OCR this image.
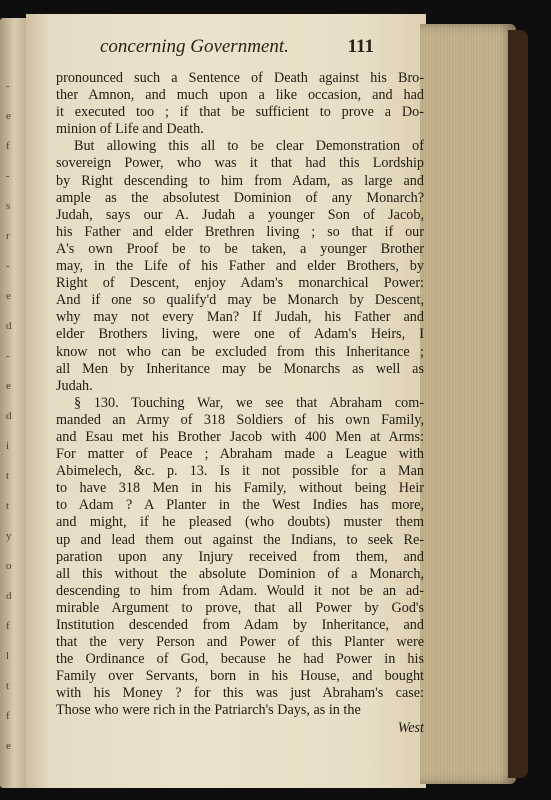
-
e
f
-
s
r
-
e
d
-
e
d
i
t
t
y
o
d
f
l
t
f
e
concerning Government.	111
pronounced such a Sentence of Death against his Bro-
ther Amnon, and much upon a like occasion, and had
it executed too ; if that be sufficient to prove a Do-
minion of Life and Death.
But allowing this all to be clear Demonstration of
sovereign Power, who was it that had this Lordship
by Right descending to him from Adam, as large and
ample as the absolutest Dominion of any Monarch?
Judah, says our A. Judah a younger Son of Jacob,
his Father and elder Brethren living ; so that if our
A's own Proof be to be taken, a younger Brother
may, in the Life of his Father and elder Brothers, by
Right of Descent, enjoy Adam's monarchical Power:
And if one so qualify'd may be Monarch by Descent,
why may not every Man? If Judah, his Father and
elder Brothers living, were one of Adam's Heirs, I
know not who can be excluded from this Inheritance ;
all Men by Inheritance may be Monarchs as well as
Judah.
§ 130. Touching War, we see that Abraham com-
manded an Army of 318 Soldiers of his own Family,
and Esau met his Brother Jacob with 400 Men at Arms:
For matter of Peace ; Abraham made a League with
Abimelech, &c. p. 13. Is it not possible for a Man
to have 318 Men in his Family, without being Heir
to Adam ? A Planter in the West Indies has more,
and might, if he pleased (who doubts) muster them
up and lead them out against the Indians, to seek Re-
paration upon any Injury received from them, and
all this without the absolute Dominion of a Monarch,
descending to him from Adam. Would it not be an ad-
mirable Argument to prove, that all Power by God's
Institution descended from Adam by Inheritance, and
that the very Person and Power of this Planter were
the Ordinance of God, because he had Power in his
Family over Servants, born in his House, and bought
with his Money ? for this was just Abraham's case:
Those who were rich in the Patriarch's Days, as in the
West
